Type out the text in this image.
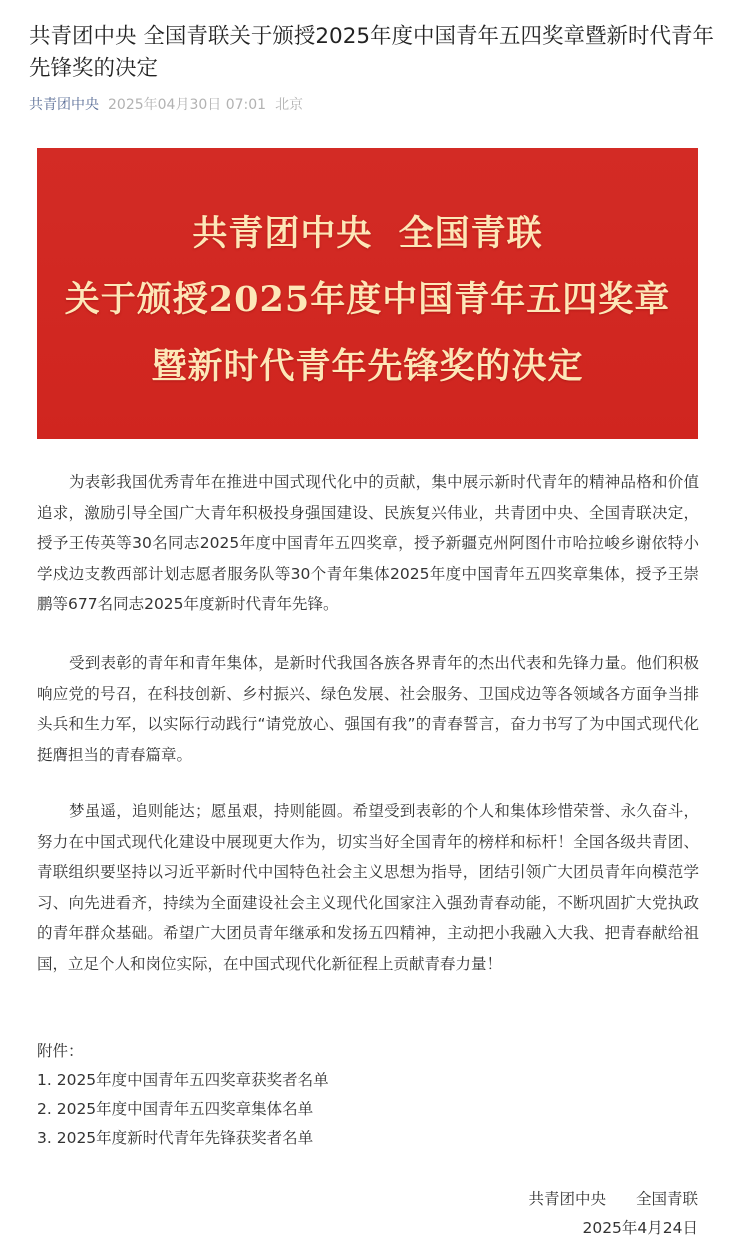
共青团中央 全国青联关于颁授2025年度中国青年五四奖章暨新时代青年先锋奖的决定
共青团中央 2025年04月30日 07:01 北京
共青团中央  全国青联
关于颁授2025年度中国青年五四奖章
暨新时代青年先锋奖的决定

为表彰我国优秀青年在推进中国式现代化中的贡献，集中展示新时代青年的精神品格和价值追求，激励引导全国广大青年积极投身强国建设、民族复兴伟业，共青团中央、全国青联决定，授予王传英等30名同志2025年度中国青年五四奖章，授予新疆克州阿图什市哈拉峻乡谢依特小学戍边支教西部计划志愿者服务队等30个青年集体2025年度中国青年五四奖章集体，授予王崇鹏等677名同志2025年度新时代青年先锋。

受到表彰的青年和青年集体，是新时代我国各族各界青年的杰出代表和先锋力量。他们积极响应党的号召，在科技创新、乡村振兴、绿色发展、社会服务、卫国戍边等各领域各方面争当排头兵和生力军，以实际行动践行“请党放心、强国有我”的青春誓言，奋力书写了为中国式现代化挺膺担当的青春篇章。

梦虽遥，追则能达；愿虽艰，持则能圆。希望受到表彰的个人和集体珍惜荣誉、永久奋斗，努力在中国式现代化建设中展现更大作为，切实当好全国青年的榜样和标杆！全国各级共青团、青联组织要坚持以习近平新时代中国特色社会主义思想为指导，团结引领广大团员青年向模范学习、向先进看齐，持续为全面建设社会主义现代化国家注入强劲青春动能，不断巩固扩大党执政的青年群众基础。希望广大团员青年继承和发扬五四精神，主动把小我融入大我、把青春献给祖国，立足个人和岗位实际，在中国式现代化新征程上贡献青春力量！

附件：
1. 2025年度中国青年五四奖章获奖者名单
2. 2025年度中国青年五四奖章集体名单
3. 2025年度新时代青年先锋获奖者名单
共青团中央 全国青联
2025年4月24日
